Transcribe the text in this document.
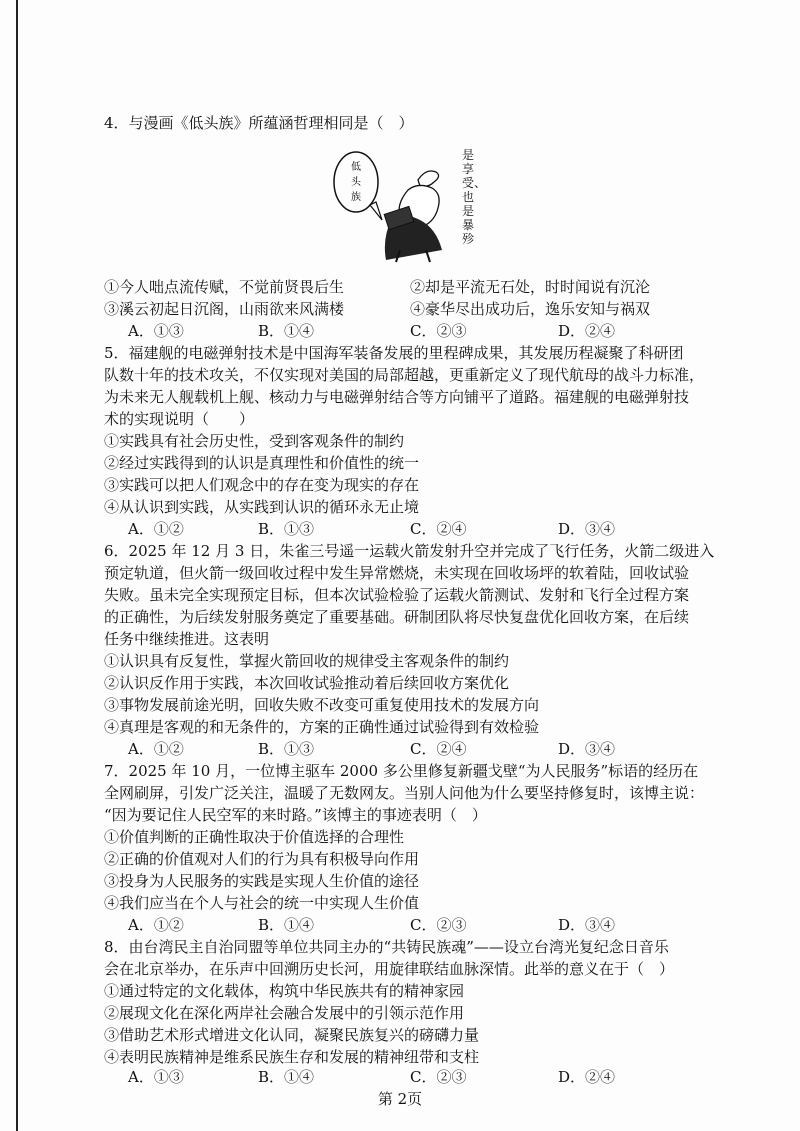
4．与漫画《低头族》所蕴涵哲理相同是（　）
低
头
族
是享受、也是暴殄
①今人咄点流传赋，不觉前贤畏后生	②却是平流无石处，时时闻说有沉沦
③溪云初起日沉阁，山雨欲来风满楼	④豪华尽出成功后，逸乐安知与祸双
A．①③	B．①④	C．②③	D．②④
5．福建舰的电磁弹射技术是中国海军装备发展的里程碑成果，其发展历程凝聚了科研团
队数十年的技术攻关，不仅实现对美国的局部超越，更重新定义了现代航母的战斗力标准，
为未来无人舰载机上舰、核动力与电磁弹射结合等方向铺平了道路。福建舰的电磁弹射技
术的实现说明（　　）
①实践具有社会历史性，受到客观条件的制约
②经过实践得到的认识是真理性和价值性的统一
③实践可以把人们观念中的存在变为现实的存在
④从认识到实践，从实践到认识的循环永无止境
A．①②	B．①③	C．②④	D．③④
6．2025 年 12 月 3 日，朱雀三号遥一运载火箭发射升空并完成了飞行任务，火箭二级进入
预定轨道，但火箭一级回收过程中发生异常燃烧，未实现在回收场坪的软着陆，回收试验
失败。虽未完全实现预定目标，但本次试验检验了运载火箭测试、发射和飞行全过程方案
的正确性，为后续发射服务奠定了重要基础。研制团队将尽快复盘优化回收方案，在后续
任务中继续推进。这表明
①认识具有反复性，掌握火箭回收的规律受主客观条件的制约
②认识反作用于实践，本次回收试验推动着后续回收方案优化
③事物发展前途光明，回收失败不改变可重复使用技术的发展方向
④真理是客观的和无条件的，方案的正确性通过试验得到有效检验
A．①②	B．①③	C．②④	D．③④
7．2025 年 10 月，一位博主驱车 2000 多公里修复新疆戈壁“为人民服务”标语的经历在
全网刷屏，引发广泛关注，温暖了无数网友。当别人问他为什么要坚持修复时，该博主说：
“因为要记住人民空军的来时路。”该博主的事迹表明（　）
①价值判断的正确性取决于价值选择的合理性
②正确的价值观对人们的行为具有积极导向作用
③投身为人民服务的实践是实现人生价值的途径
④我们应当在个人与社会的统一中实现人生价值
A．①②	B．①④	C．②③	D．③④
8．由台湾民主自治同盟等单位共同主办的“共铸民族魂”——设立台湾光复纪念日音乐
会在北京举办，在乐声中回溯历史长河，用旋律联结血脉深情。此举的意义在于（　）
①通过特定的文化载体，构筑中华民族共有的精神家园
②展现文化在深化两岸社会融合发展中的引领示范作用
③借助艺术形式增进文化认同，凝聚民族复兴的磅礴力量
④表明民族精神是维系民族生存和发展的精神纽带和支柱
A．①③	B．①④	C．②③	D．②④
第 2页
